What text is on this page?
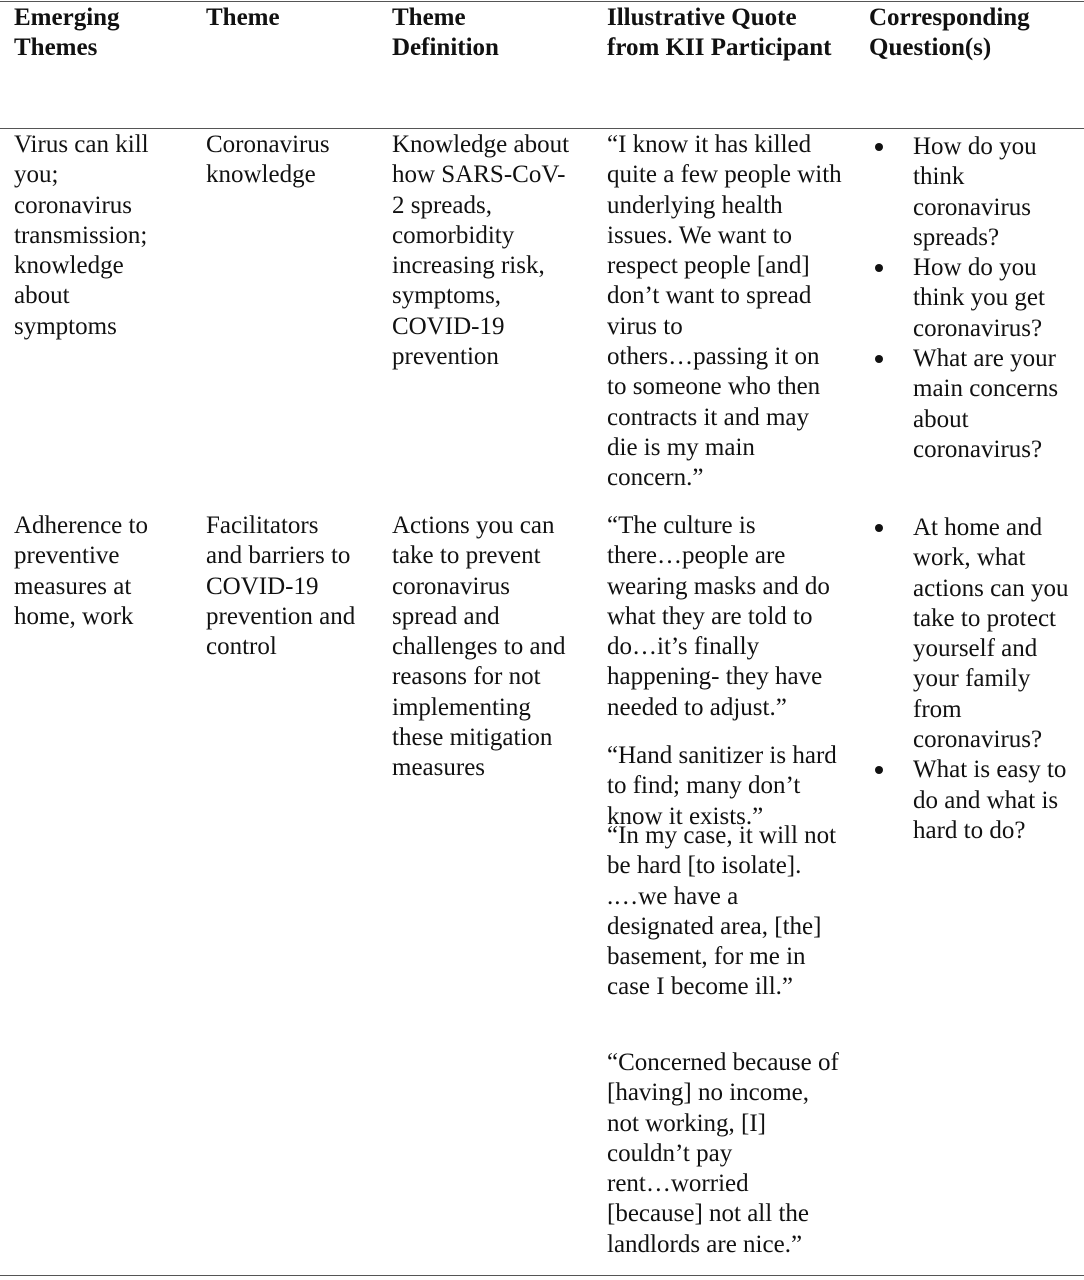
Emerging
Themes
Theme	Theme
Definition
Illustrative Quote
from KII Participant
Corresponding
Question(s)
Virus can kill
you;
coronavirus
transmission;
knowledge
about
symptoms
Coronavirus
knowledge
Knowledge about
how SARS-CoV-
2 spreads,
comorbidity
increasing risk,
symptoms,
COVID-19
prevention
“I know it has killed
quite a few people with
underlying health
issues. We want to
respect people [and]
don’t want to spread
virus to
others…passing it on
to someone who then
contracts it and may
die is my main
concern.”
How do you
think
coronavirus
spreads?
How do you
think you get
coronavirus?
What are your
main concerns
about
coronavirus?
Adherence to
preventive
measures at
home, work
Facilitators
and barriers to
COVID-19
prevention and
control
Actions you can
take to prevent
coronavirus
spread and
challenges to and
reasons for not
implementing
these mitigation
measures
“The culture is
there…people are
wearing masks and do
what they are told to
do…it’s finally
happening- they have
needed to adjust.”
“Hand sanitizer is hard
to find; many don’t
know it exists.”
“In my case, it will not
be hard [to isolate].
.…we have a
designated area, [the]
basement, for me in
case I become ill.”
“Concerned because of
[having] no income,
not working, [I]
couldn’t pay
rent…worried
[because] not all the
landlords are nice.”
At home and
work, what
actions can you
take to protect
yourself and
your family
from
coronavirus?
What is easy to
do and what is
hard to do?
